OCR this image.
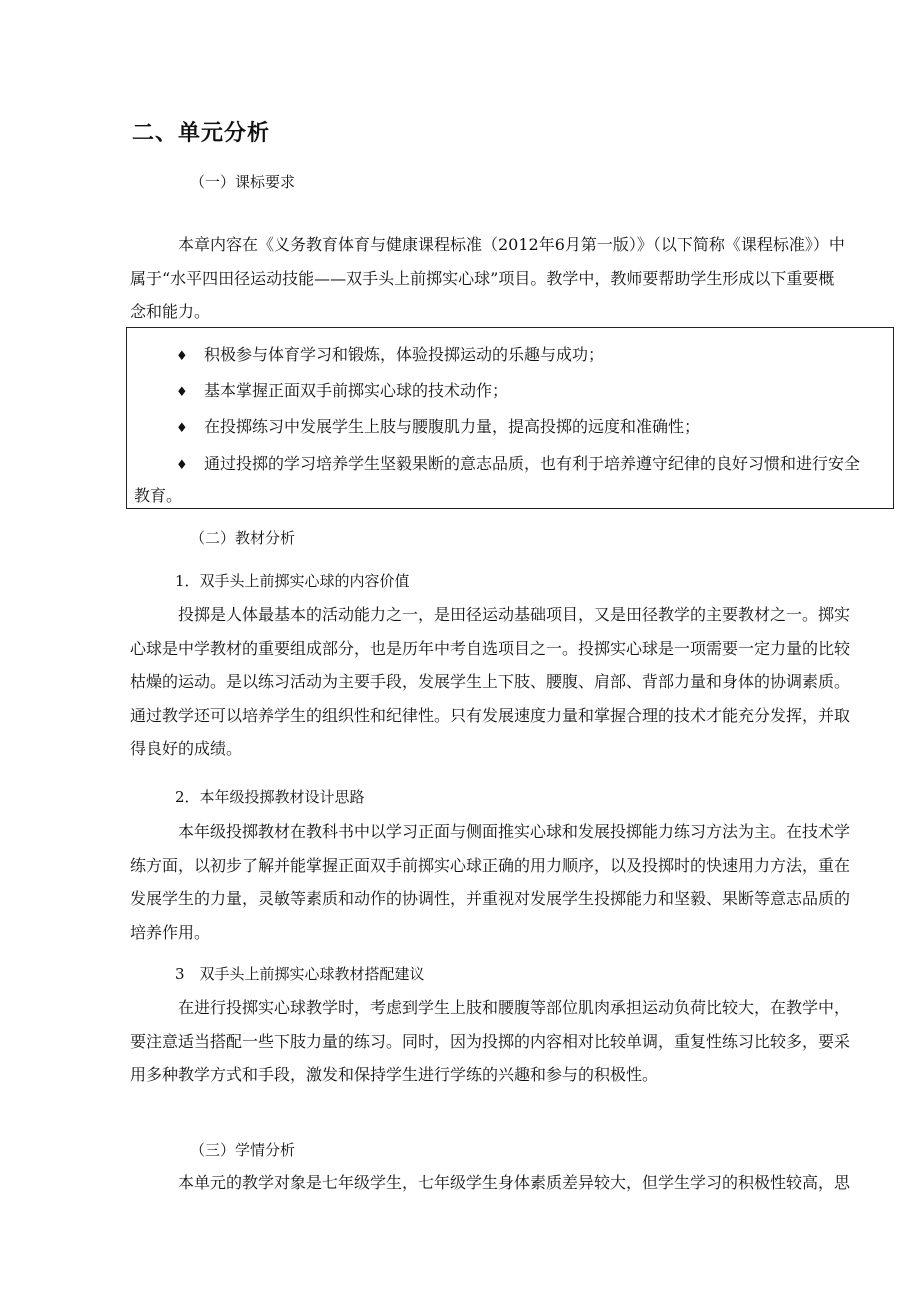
二、单元分析
（一）课标要求
本章内容在《义务教育体育与健康课程标准（2012年6月第一版）》（以下简称《课程标准》）中
属于“水平四田径运动技能——双手头上前掷实心球”项目。教学中，教师要帮助学生形成以下重要概
念和能力。
♦ 积极参与体育学习和锻炼，体验投掷运动的乐趣与成功；
♦ 基本掌握正面双手前掷实心球的技术动作；
♦ 在投掷练习中发展学生上肢与腰腹肌力量，提高投掷的远度和准确性；
♦ 通过投掷的学习培养学生坚毅果断的意志品质，也有利于培养遵守纪律的良好习惯和进行安全
教育。
（二）教材分析
1．双手头上前掷实心球的内容价值
投掷是人体最基本的活动能力之一，是田径运动基础项目，又是田径教学的主要教材之一。掷实
心球是中学教材的重要组成部分，也是历年中考自选项目之一。投掷实心球是一项需要一定力量的比较
枯燥的运动。是以练习活动为主要手段，发展学生上下肢、腰腹、肩部、背部力量和身体的协调素质。
通过教学还可以培养学生的组织性和纪律性。只有发展速度力量和掌握合理的技术才能充分发挥，并取
得良好的成绩。
2．本年级投掷教材设计思路
本年级投掷教材在教科书中以学习正面与侧面推实心球和发展投掷能力练习方法为主。在技术学
练方面，以初步了解并能掌握正面双手前掷实心球正确的用力顺序，以及投掷时的快速用力方法，重在
发展学生的力量，灵敏等素质和动作的协调性，并重视对发展学生投掷能力和坚毅、果断等意志品质的
培养作用。
3　双手头上前掷实心球教材搭配建议
在进行投掷实心球教学时，考虑到学生上肢和腰腹等部位肌肉承担运动负荷比较大，在教学中，
要注意适当搭配一些下肢力量的练习。同时，因为投掷的内容相对比较单调，重复性练习比较多，要采
用多种教学方式和手段，激发和保持学生进行学练的兴趣和参与的积极性。
（三）学情分析
本单元的教学对象是七年级学生，七年级学生身体素质差异较大，但学生学习的积极性较高，思
